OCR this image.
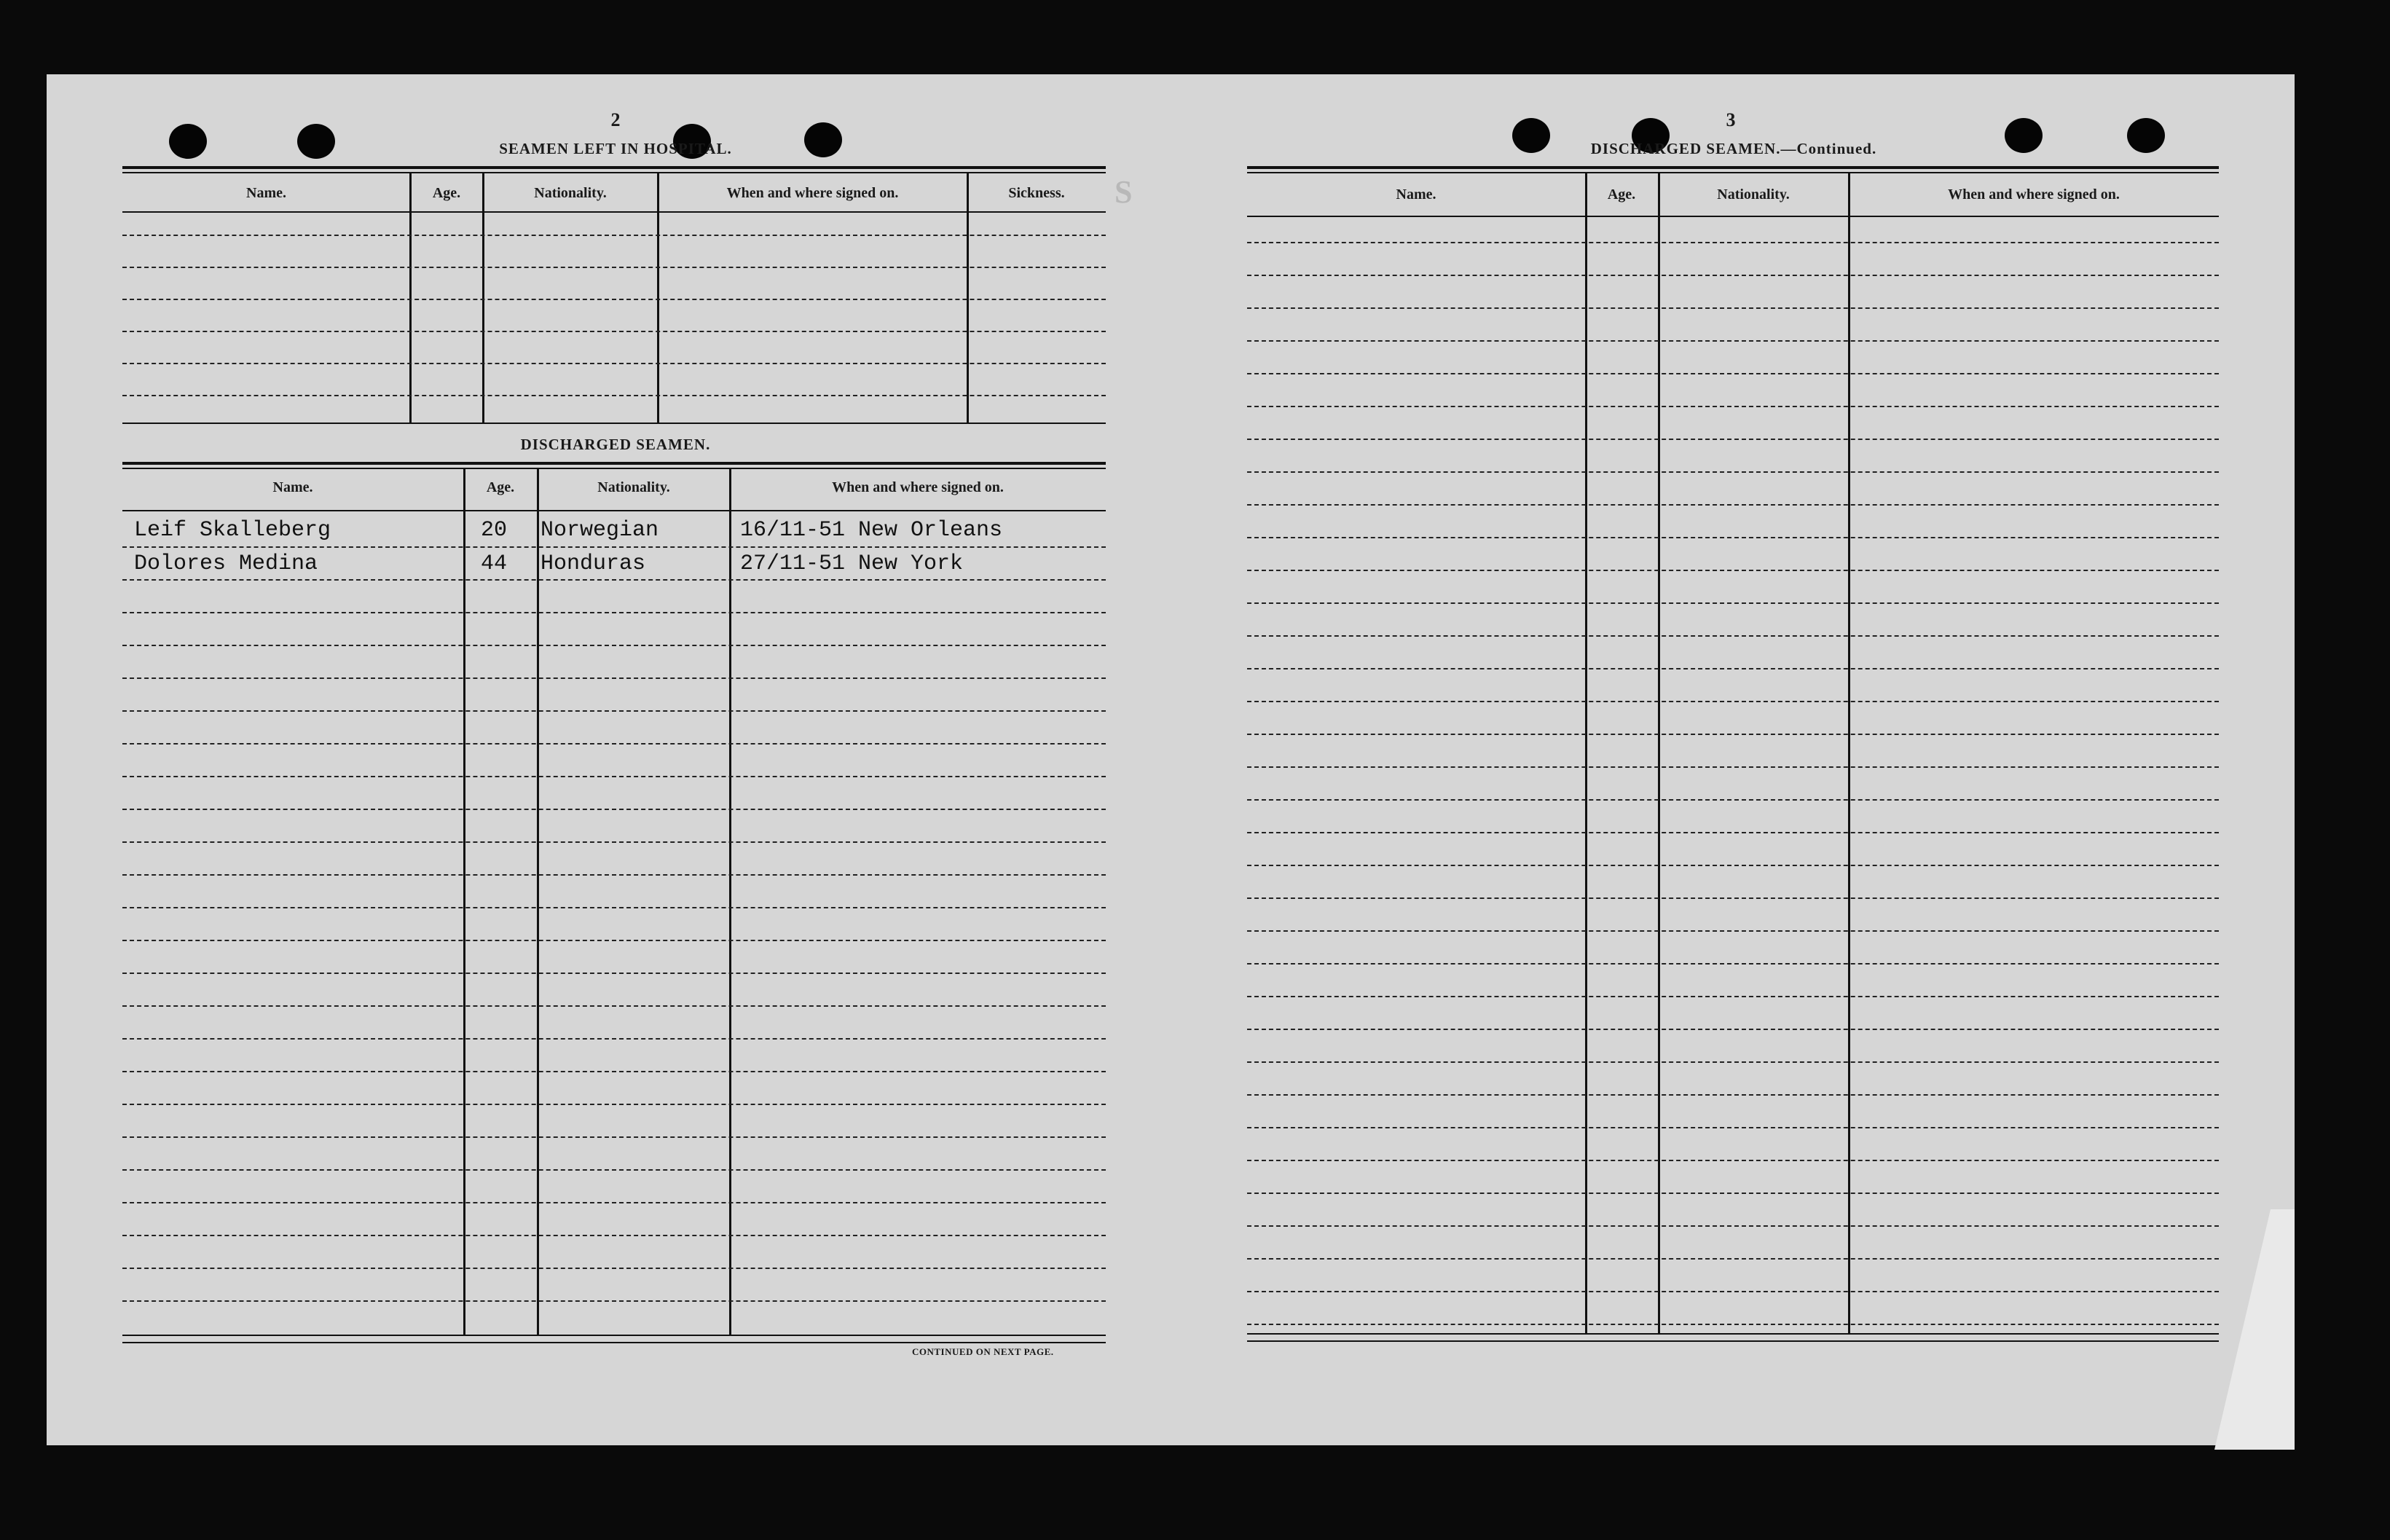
S
2
SEAMEN LEFT IN HOSPITAL.
Name.	Age.	Nationality.	When and where signed on.	Sickness.
DISCHARGED SEAMEN.
Name.	Age.	Nationality.	When and where signed on.
Leif Skalleberg	20 Norwegian	16/11-51 New Orleans
Dolores Medina	44 Honduras	27/11-51 New York
CONTINUED ON NEXT PAGE.
3
DISCHARGED SEAMEN.—Continued.
Name.	Age.	Nationality.	When and where signed on.
